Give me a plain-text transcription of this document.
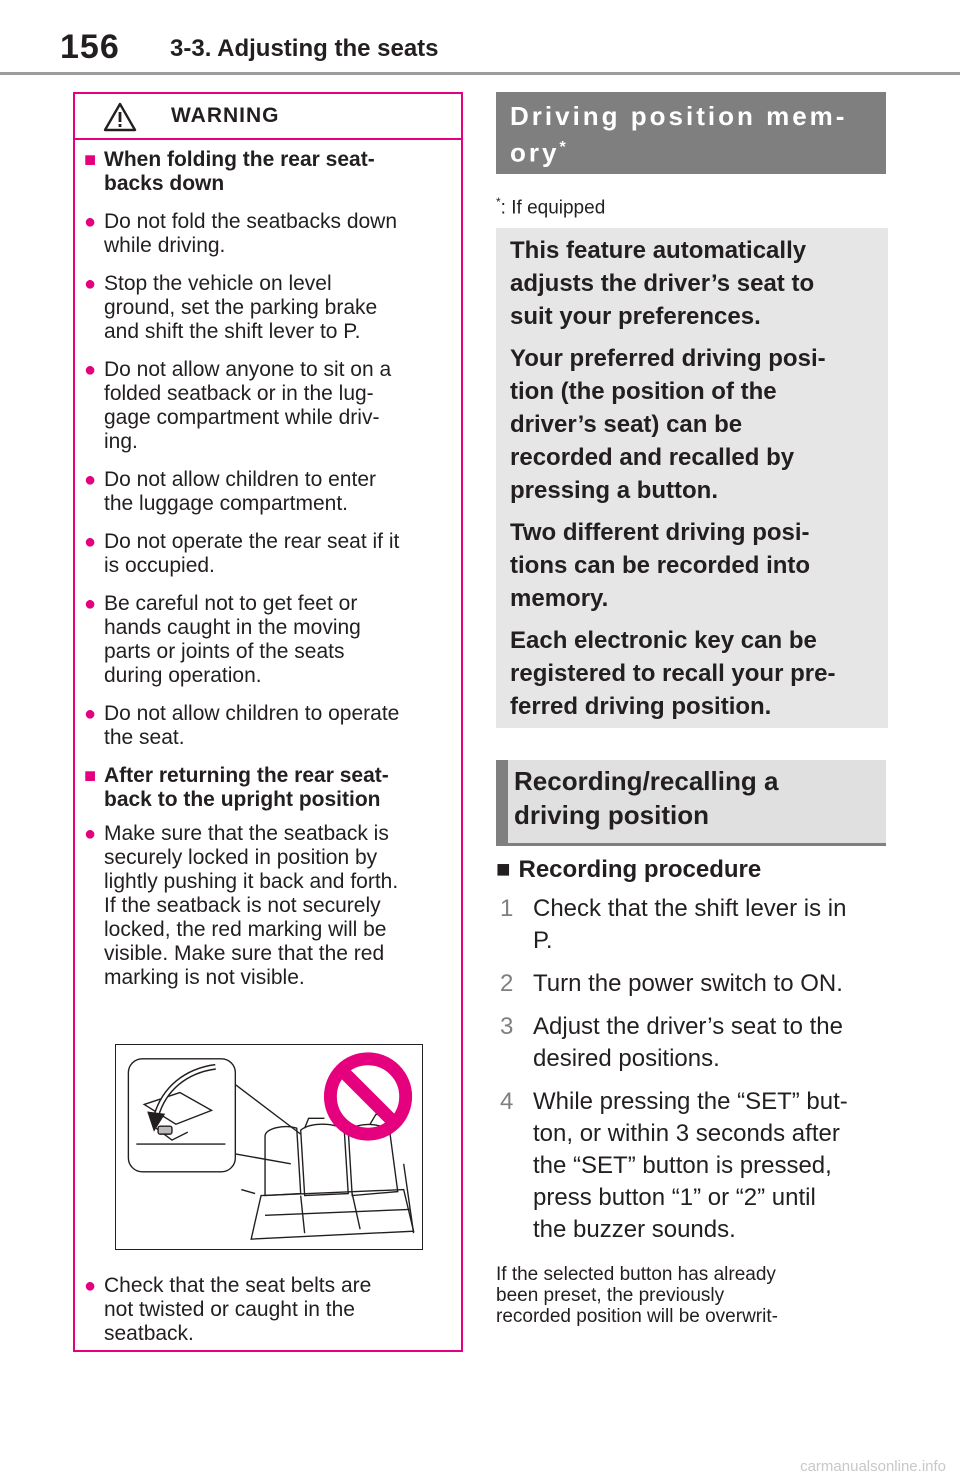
156 3-3. Adjusting the seats
WARNING
■ When folding the rear seat-
backs down
● Do not fold the seatbacks down
while driving.
● Stop the vehicle on level
ground, set the parking brake
and shift the shift lever to P.
● Do not allow anyone to sit on a
folded seatback or in the lug-
gage compartment while driv-
ing.
● Do not allow children to enter
the luggage compartment.
● Do not operate the rear seat if it
is occupied.
● Be careful not to get feet or
hands caught in the moving
parts or joints of the seats
during operation.
● Do not allow children to operate
the seat.
■ After returning the rear seat-
back to the upright position
● Make sure that the seatback is
securely locked in position by
lightly pushing it back and forth.
If the seatback is not securely
locked, the red marking will be
visible. Make sure that the red
marking is not visible.
● Check that the seat belts are
not twisted or caught in the
seatback.
Driving position mem-
ory*
*: If equipped

This feature automatically
adjusts the driver’s seat to
suit your preferences.

Your preferred driving posi-
tion (the position of the
driver’s seat) can be
recorded and recalled by
pressing a button.

Two different driving posi-
tions can be recorded into
memory.

Each electronic key can be
registered to recall your pre-
ferred driving position.

Recording/recalling a
driving position
■ Recording procedure
1 Check that the shift lever is in
P.
2 Turn the power switch to ON.
3 Adjust the driver’s seat to the
desired positions.
4 While pressing the “SET” but-
ton, or within 3 seconds after
the “SET” button is pressed,
press button “1” or “2” until
the buzzer sounds.
If the selected button has already
been preset, the previously
recorded position will be overwrit-
carmanualsonline.info
